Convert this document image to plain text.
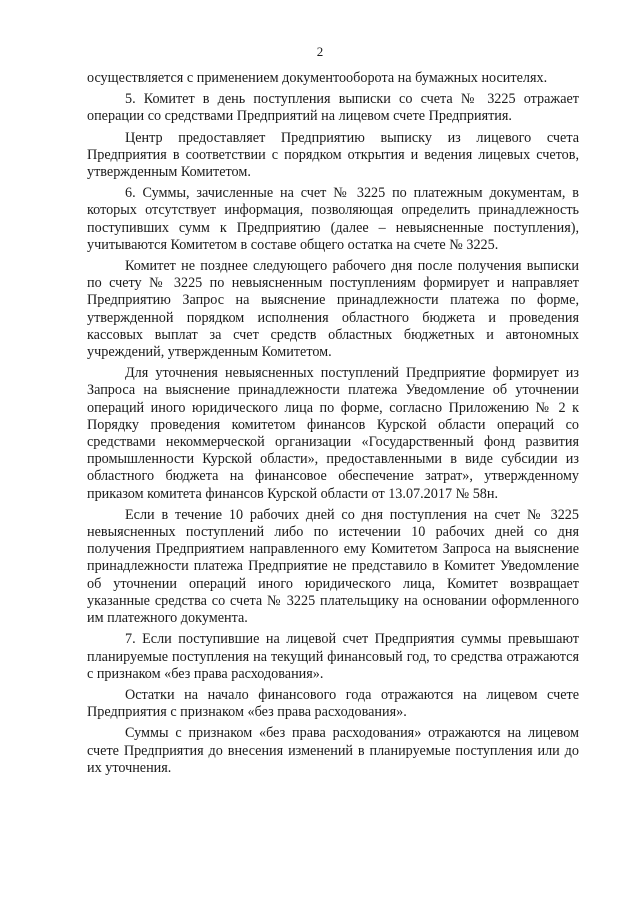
2

осуществляется с применением документооборота на бумажных носителях.

5. Комитет в день поступления выписки со счета № 3225 отражает операции со средствами Предприятий на лицевом счете Предприятия.

Центр предоставляет Предприятию выписку из лицевого счета Предприятия в соответствии с порядком открытия и ведения лицевых счетов, утвержденным Комитетом.

6. Суммы, зачисленные на счет № 3225 по платежным документам, в которых отсутствует информация, позволяющая определить принадлежность поступивших сумм к Предприятию (далее – невыясненные поступления), учитываются Комитетом в составе общего остатка на счете № 3225.

Комитет не позднее следующего рабочего дня после получения выписки по счету № 3225 по невыясненным поступлениям формирует и направляет Предприятию Запрос на выяснение принадлежности платежа по форме, утвержденной порядком исполнения областного бюджета и проведения кассовых выплат за счет средств областных бюджетных и автономных учреждений, утвержденным Комитетом.

Для уточнения невыясненных поступлений Предприятие формирует из Запроса на выяснение принадлежности платежа Уведомление об уточнении операций иного юридического лица по форме, согласно Приложению № 2 к Порядку проведения комитетом финансов Курской области операций со средствами некоммерческой организации «Государственный фонд развития промышленности Курской области», предоставленными в виде субсидии из областного бюджета на финансовое обеспечение затрат», утвержденному приказом комитета финансов Курской области от 13.07.2017 № 58н.

Если в течение 10 рабочих дней со дня поступления на счет № 3225 невыясненных поступлений либо по истечении 10 рабочих дней со дня получения Предприятием направленного ему Комитетом Запроса на выяснение принадлежности платежа Предприятие не представило в Комитет Уведомление об уточнении операций иного юридического лица, Комитет возвращает указанные средства со счета № 3225 плательщику на основании оформленного им платежного документа.

7. Если поступившие на лицевой счет Предприятия суммы превышают планируемые поступления на текущий финансовый год, то средства отражаются с признаком «без права расходования».

Остатки на начало финансового года отражаются на лицевом счете Предприятия с признаком «без права расходования».

Суммы с признаком «без права расходования» отражаются на лицевом счете Предприятия до внесения изменений в планируемые поступления или до их уточнения.
